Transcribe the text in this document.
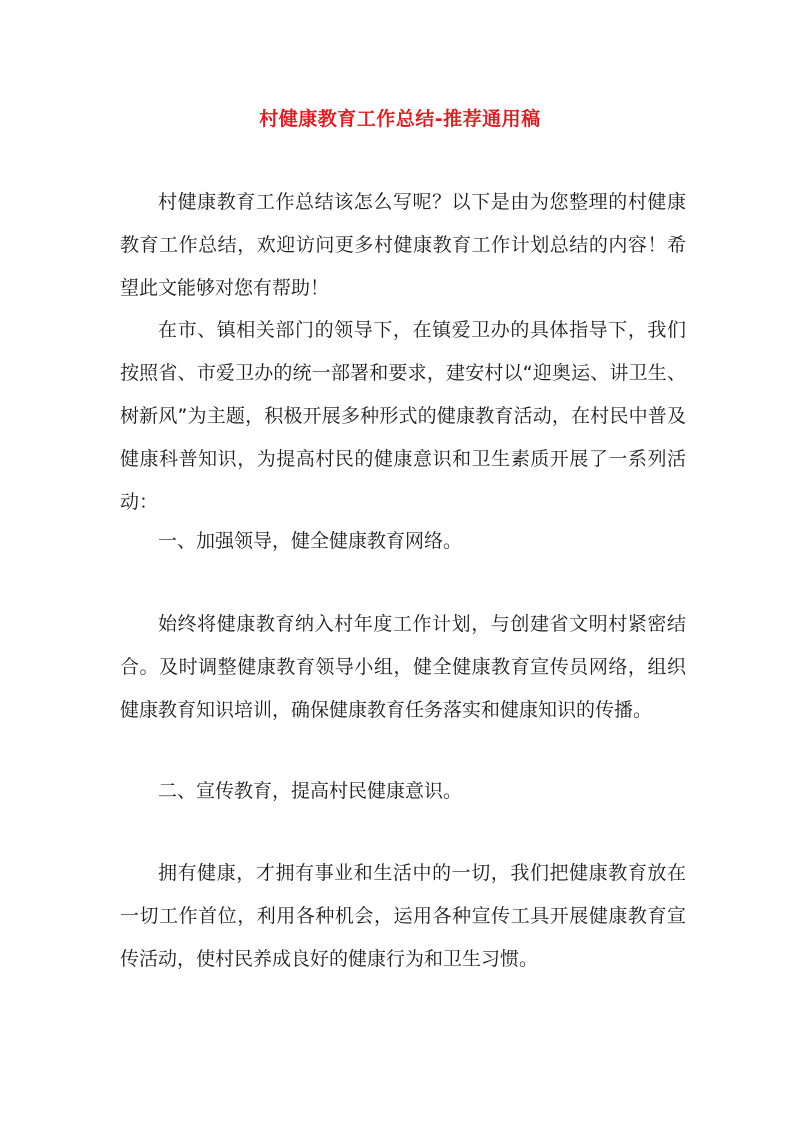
村健康教育工作总结-推荐通用稿

村健康教育工作总结该怎么写呢？以下是由为您整理的村健康教育工作总结，欢迎访问更多村健康教育工作计划总结的内容！希望此文能够对您有帮助！

在市、镇相关部门的领导下，在镇爱卫办的具体指导下，我们按照省、市爱卫办的统一部署和要求，建安村以“迎奥运、讲卫生、树新风”为主题，积极开展多种形式的健康教育活动，在村民中普及健康科普知识，为提高村民的健康意识和卫生素质开展了一系列活动：

一、加强领导，健全健康教育网络。

始终将健康教育纳入村年度工作计划，与创建省文明村紧密结合。及时调整健康教育领导小组，健全健康教育宣传员网络，组织健康教育知识培训，确保健康教育任务落实和健康知识的传播。

二、宣传教育，提高村民健康意识。

拥有健康，才拥有事业和生活中的一切，我们把健康教育放在一切工作首位，利用各种机会，运用各种宣传工具开展健康教育宣传活动，使村民养成良好的健康行为和卫生习惯。
